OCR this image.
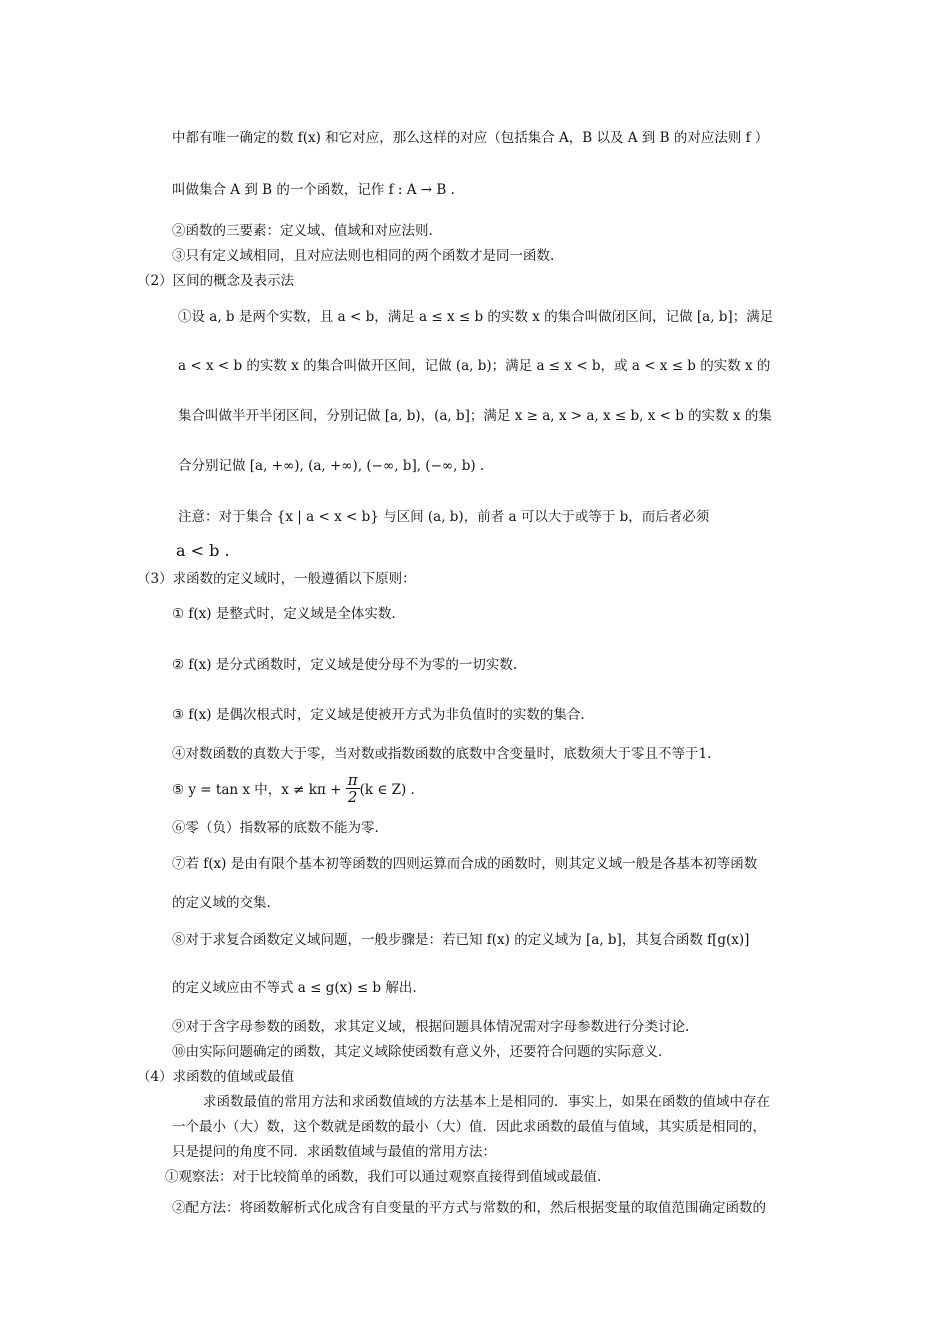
中都有唯一确定的数 f(x) 和它对应，那么这样的对应（包括集合 A，B 以及 A 到 B 的对应法则 f ）
叫做集合 A 到 B 的一个函数，记作 f : A → B .
②函数的三要素：定义域、值域和对应法则.
③只有定义域相同，且对应法则也相同的两个函数才是同一函数.
（2）区间的概念及表示法
①设 a, b 是两个实数，且 a < b，满足 a ≤ x ≤ b 的实数 x 的集合叫做闭区间，记做 [a, b]；满足
a < x < b 的实数 x 的集合叫做开区间，记做 (a, b)；满足 a ≤ x < b，或 a < x ≤ b 的实数 x 的
集合叫做半开半闭区间，分别记做 [a, b)，(a, b]；满足 x ≥ a, x > a, x ≤ b, x < b 的实数 x 的集
合分别记做 [a, +∞), (a, +∞), (−∞, b], (−∞, b) .
注意：对于集合 {x | a < x < b} 与区间 (a, b)，前者 a 可以大于或等于 b，而后者必须
a < b .
（3）求函数的定义域时，一般遵循以下原则：
① f(x) 是整式时，定义域是全体实数.
② f(x) 是分式函数时，定义域是使分母不为零的一切实数.
③ f(x) 是偶次根式时，定义域是使被开方式为非负值时的实数的集合.
④对数函数的真数大于零，当对数或指数函数的底数中含变量时，底数须大于零且不等于1.
⑤ y = tan x 中，$x \ne k\pi + \frac{\pi}{2} (k$ ∈ Z) .
⑥零（负）指数幂的底数不能为零.
⑦若 f(x) 是由有限个基本初等函数的四则运算而合成的函数时，则其定义域一般是各基本初等函数
的定义域的交集.
⑧对于求复合函数定义域问题，一般步骤是：若已知 f(x) 的定义域为 [a, b]，其复合函数 f[g(x)]
的定义域应由不等式 a ≤ g(x) ≤ b 解出.
⑨对于含字母参数的函数，求其定义域，根据问题具体情况需对字母参数进行分类讨论.
⑩由实际问题确定的函数，其定义域除使函数有意义外，还要符合问题的实际意义.
（4）求函数的值域或最值
求函数最值的常用方法和求函数值域的方法基本上是相同的．事实上，如果在函数的值域中存在
一个最小（大）数，这个数就是函数的最小（大）值．因此求函数的最值与值域，其实质是相同的，
只是提问的角度不同．求函数值域与最值的常用方法：
①观察法：对于比较简单的函数，我们可以通过观察直接得到值域或最值.
②配方法：将函数解析式化成含有自变量的平方式与常数的和，然后根据变量的取值范围确定函数的
